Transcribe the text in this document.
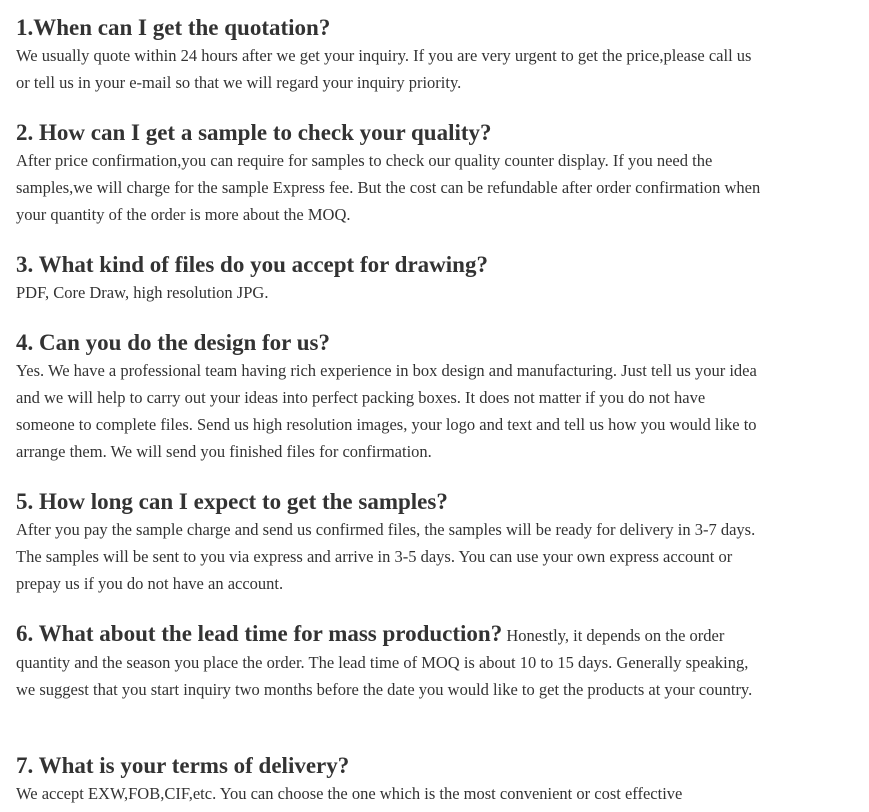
1.When can I get the quotation?

We usually quote within 24 hours after we get your inquiry. If you are very urgent to get the price,please call us or tell us in your e-mail so that we will regard your inquiry priority.

2. How can I get a sample to check your quality?

After price confirmation,you can require for samples to check our quality counter display. If you need the samples,we will charge for the sample Express fee. But the cost can be refundable after order confirmation when your quantity of the order is more about the MOQ.

3. What kind of files do you accept for drawing?

PDF, Core Draw, high resolution JPG.

4. Can you do the design for us?

Yes. We have a professional team having rich experience in box design and manufacturing. Just tell us your idea and we will help to carry out your ideas into perfect packing boxes. It does not matter if you do not have someone to complete files. Send us high resolution images, your logo and text and tell us how you would like to arrange them. We will send you finished files for confirmation.

5. How long can I expect to get the samples?

After you pay the sample charge and send us confirmed files, the samples will be ready for delivery in 3-7 days. The samples will be sent to you via express and arrive in 3-5 days. You can use your own express account or prepay us if you do not have an account.

6. What about the lead time for mass production? Honestly, it depends on the order quantity and the season you place the order. The lead time of MOQ is about 10 to 15 days. Generally speaking, we suggest that you start inquiry two months before the date you would like to get the products at your country.

7. What is your terms of delivery?

We accept EXW,FOB,CIF,etc. You can choose the one which is the most convenient or cost effective
